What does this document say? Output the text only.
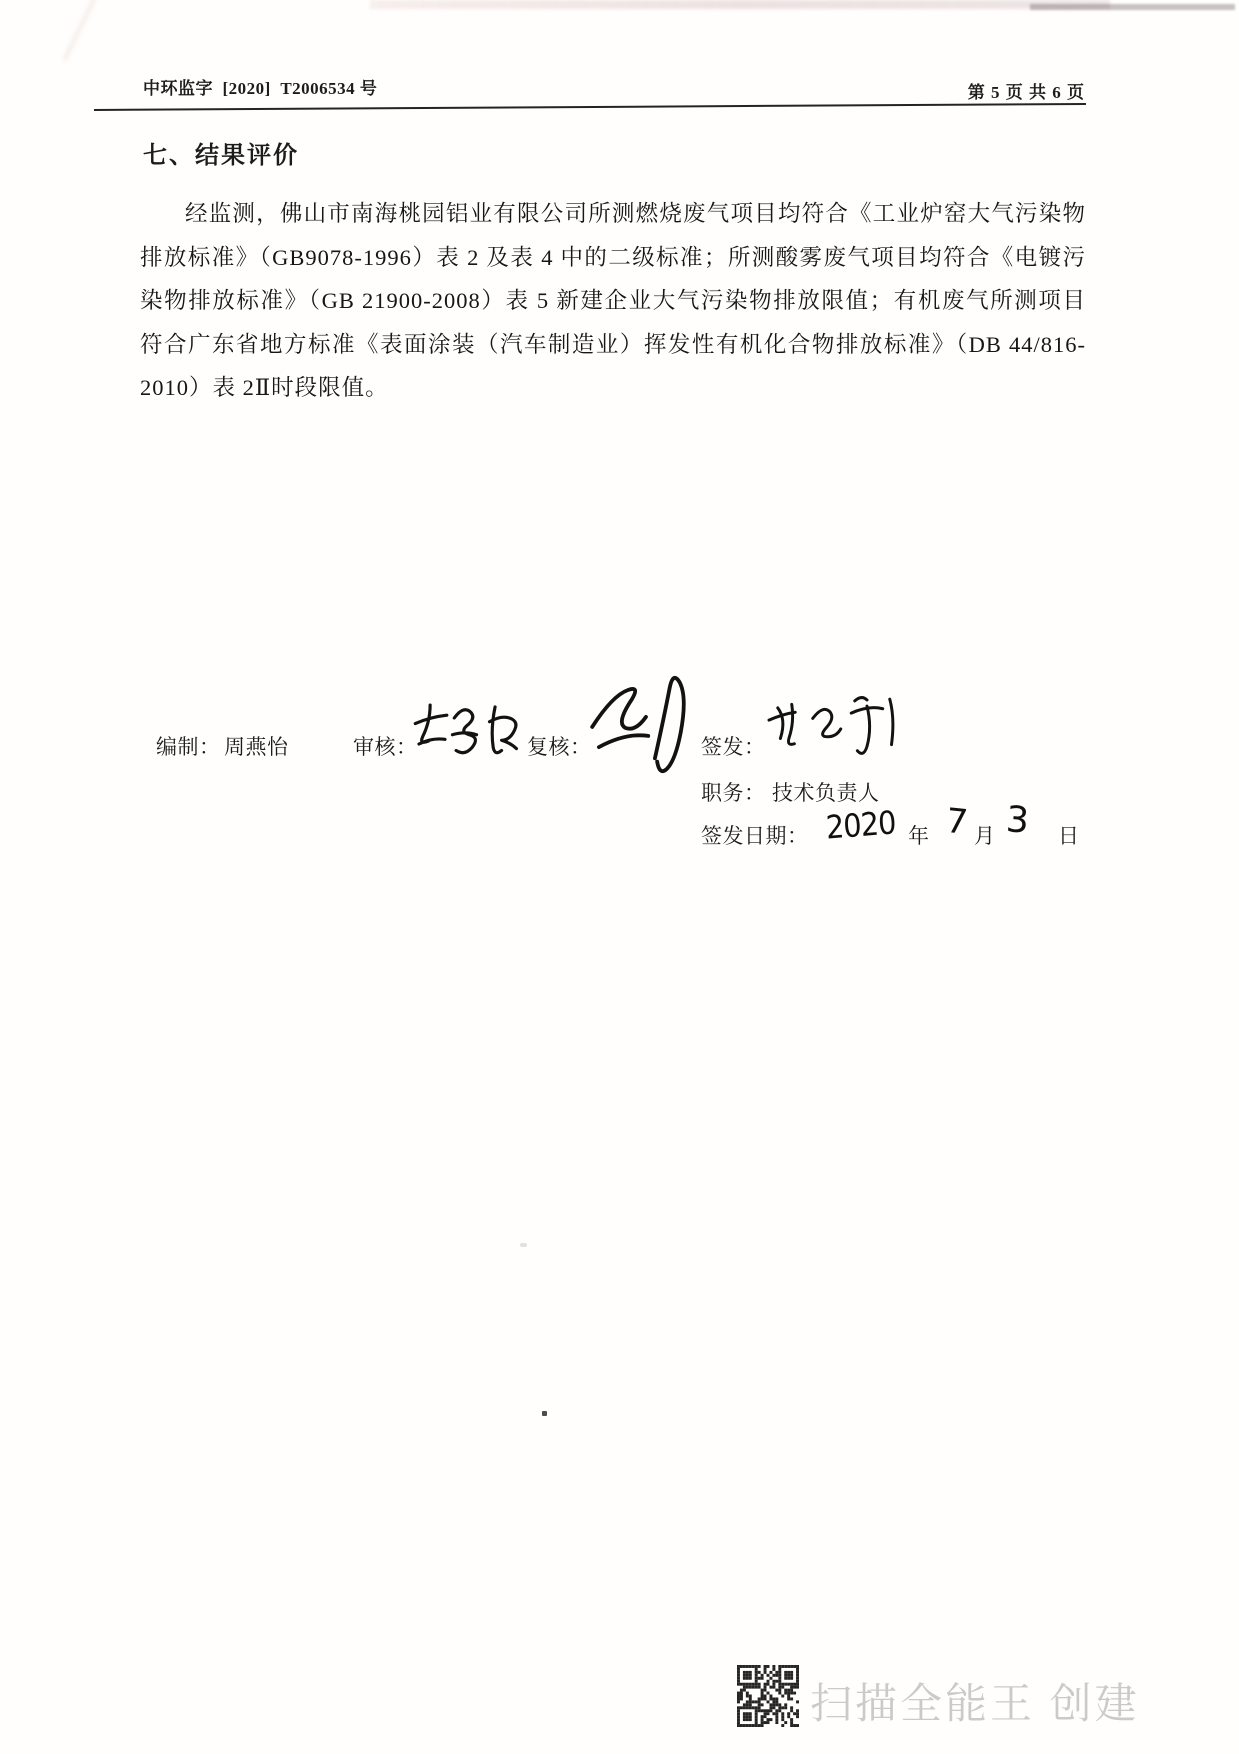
中环监字  [2020]  T2006534 号	第 5 页 共 6 页
七、结果评价

经监测，佛山市南海桃园铝业有限公司所测燃烧废气项目均符合《工业炉窑大气污染物排放标准》（GB9078-1996）表 2 及表 4 中的二级标准；所测酸雾废气项目均符合《电镀污染物排放标准》（GB 21900-2008）表 5 新建企业大气污染物排放限值；有机废气所测项目符合广东省地方标准《表面涂装（汽车制造业）挥发性有机化合物排放标准》（DB 44/816-2010）表 2Ⅱ时段限值。

编制： 周燕怡	审核：	复核：	签发：
职务： 技术负责人
签发日期： 2020 年 7 月 3 日
扫描全能王 创建
